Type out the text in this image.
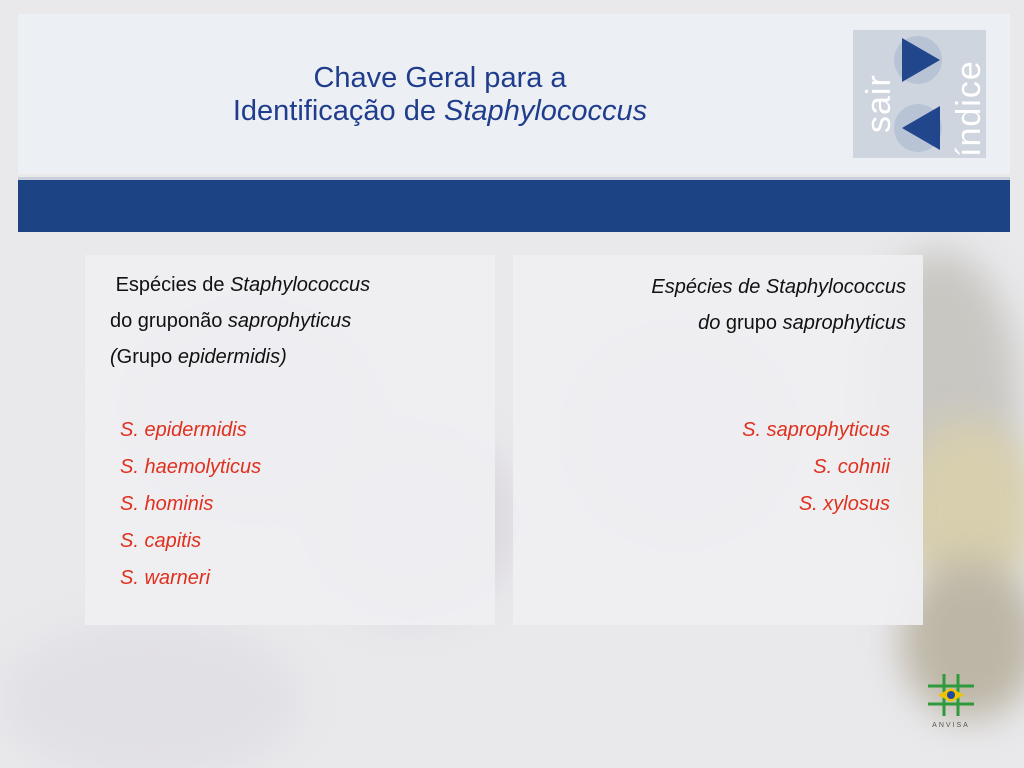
Chave Geral para a
Identificação de Staphylococcus	sair índice
Espécies de Staphylococcus
do gruponão saprophyticus
(Grupo epidermidis)
S. epidermidis
S. haemolyticus
S. hominis
S. capitis
S. warneri
Espécies de Staphylococcus
do grupo saprophyticus
S. saprophyticus
S. cohnii
S. xylosus
ANVISA
